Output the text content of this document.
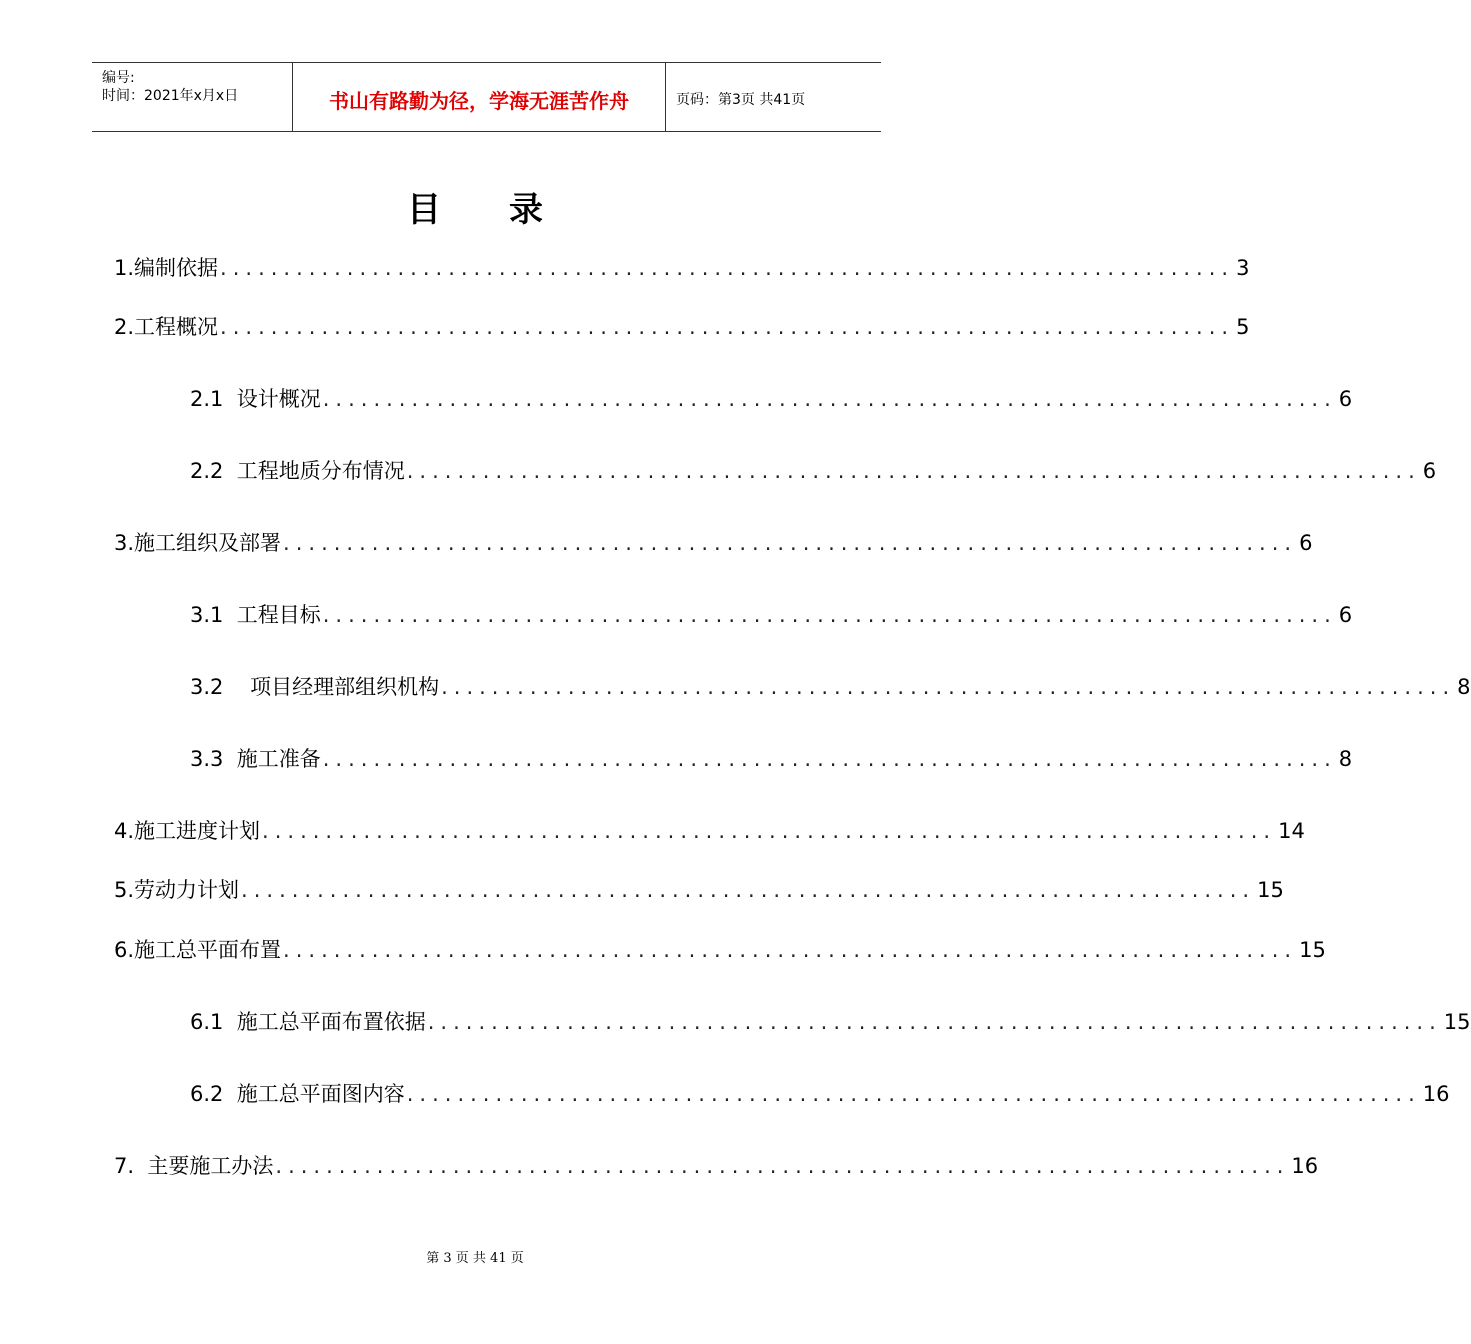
编号:
时间：2021年x月x日	书山有路勤为径，学海无涯苦作舟	页码：第3页 共41页
目录
1.编制依据 ................................................................................ 3
2.工程概况 ................................................................................ 5
2.1  设计概况 ................................................................................ 6
2.2  工程地质分布情况 ................................................................................ 6
3.施工组织及部署 ................................................................................ 6
3.1  工程目标 ................................................................................ 6
3.2    项目经理部组织机构 ................................................................................ 8
3.3  施工准备 ................................................................................ 8
4.施工进度计划 ................................................................................ 14
5.劳动力计划 ................................................................................ 15
6.施工总平面布置 ................................................................................ 15
6.1  施工总平面布置依据 ................................................................................ 15
6.2  施工总平面图内容 ................................................................................ 16
7.  主要施工办法 ................................................................................ 16
第 3 页 共 41 页
